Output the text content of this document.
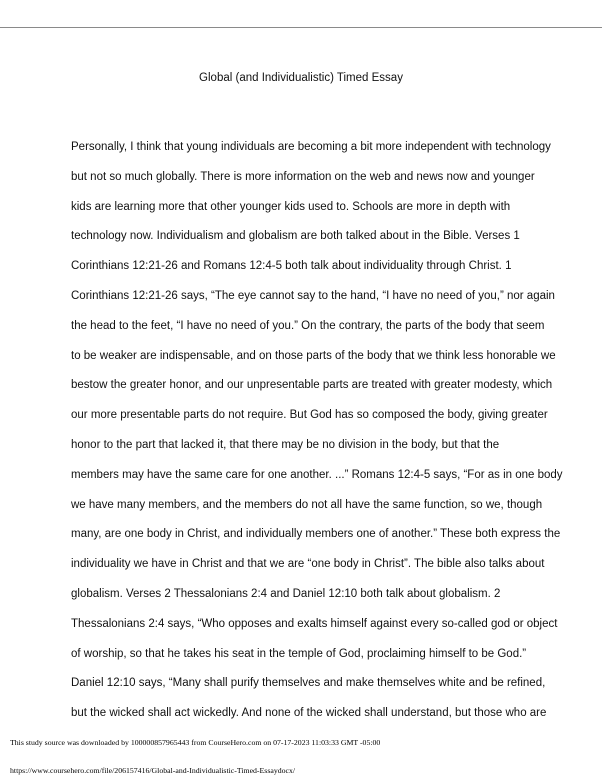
Global (and Individualistic) Timed Essay
Personally, I think that young individuals are becoming a bit more independent with technology
but not so much globally. There is more information on the web and news now and younger
kids are learning more that other younger kids used to. Schools are more in depth with
technology now. Individualism and globalism are both talked about in the Bible. Verses 1
Corinthians 12:21-26 and Romans 12:4-5 both talk about individuality through Christ. 1
Corinthians 12:21-26 says, “The eye cannot say to the hand, “I have no need of you,” nor again
the head to the feet, “I have no need of you.” On the contrary, the parts of the body that seem
to be weaker are indispensable, and on those parts of the body that we think less honorable we
bestow the greater honor, and our unpresentable parts are treated with greater modesty, which
our more presentable parts do not require. But God has so composed the body, giving greater
honor to the part that lacked it, that there may be no division in the body, but that the
members may have the same care for one another. ...” Romans 12:4-5 says, “For as in one body
we have many members, and the members do not all have the same function, so we, though
many, are one body in Christ, and individually members one of another.” These both express the
individuality we have in Christ and that we are “one body in Christ”. The bible also talks about
globalism. Verses 2 Thessalonians 2:4 and Daniel 12:10 both talk about globalism. 2
Thessalonians 2:4 says, “Who opposes and exalts himself against every so-called god or object
of worship, so that he takes his seat in the temple of God, proclaiming himself to be God.”
Daniel 12:10 says, “Many shall purify themselves and make themselves white and be refined,
but the wicked shall act wickedly. And none of the wicked shall understand, but those who are
This study source was downloaded by 100000857965443 from CourseHero.com on 07-17-2023 11:03:33 GMT -05:00
https://www.coursehero.com/file/206157416/Global-and-Individualistic-Timed-Essaydocx/
